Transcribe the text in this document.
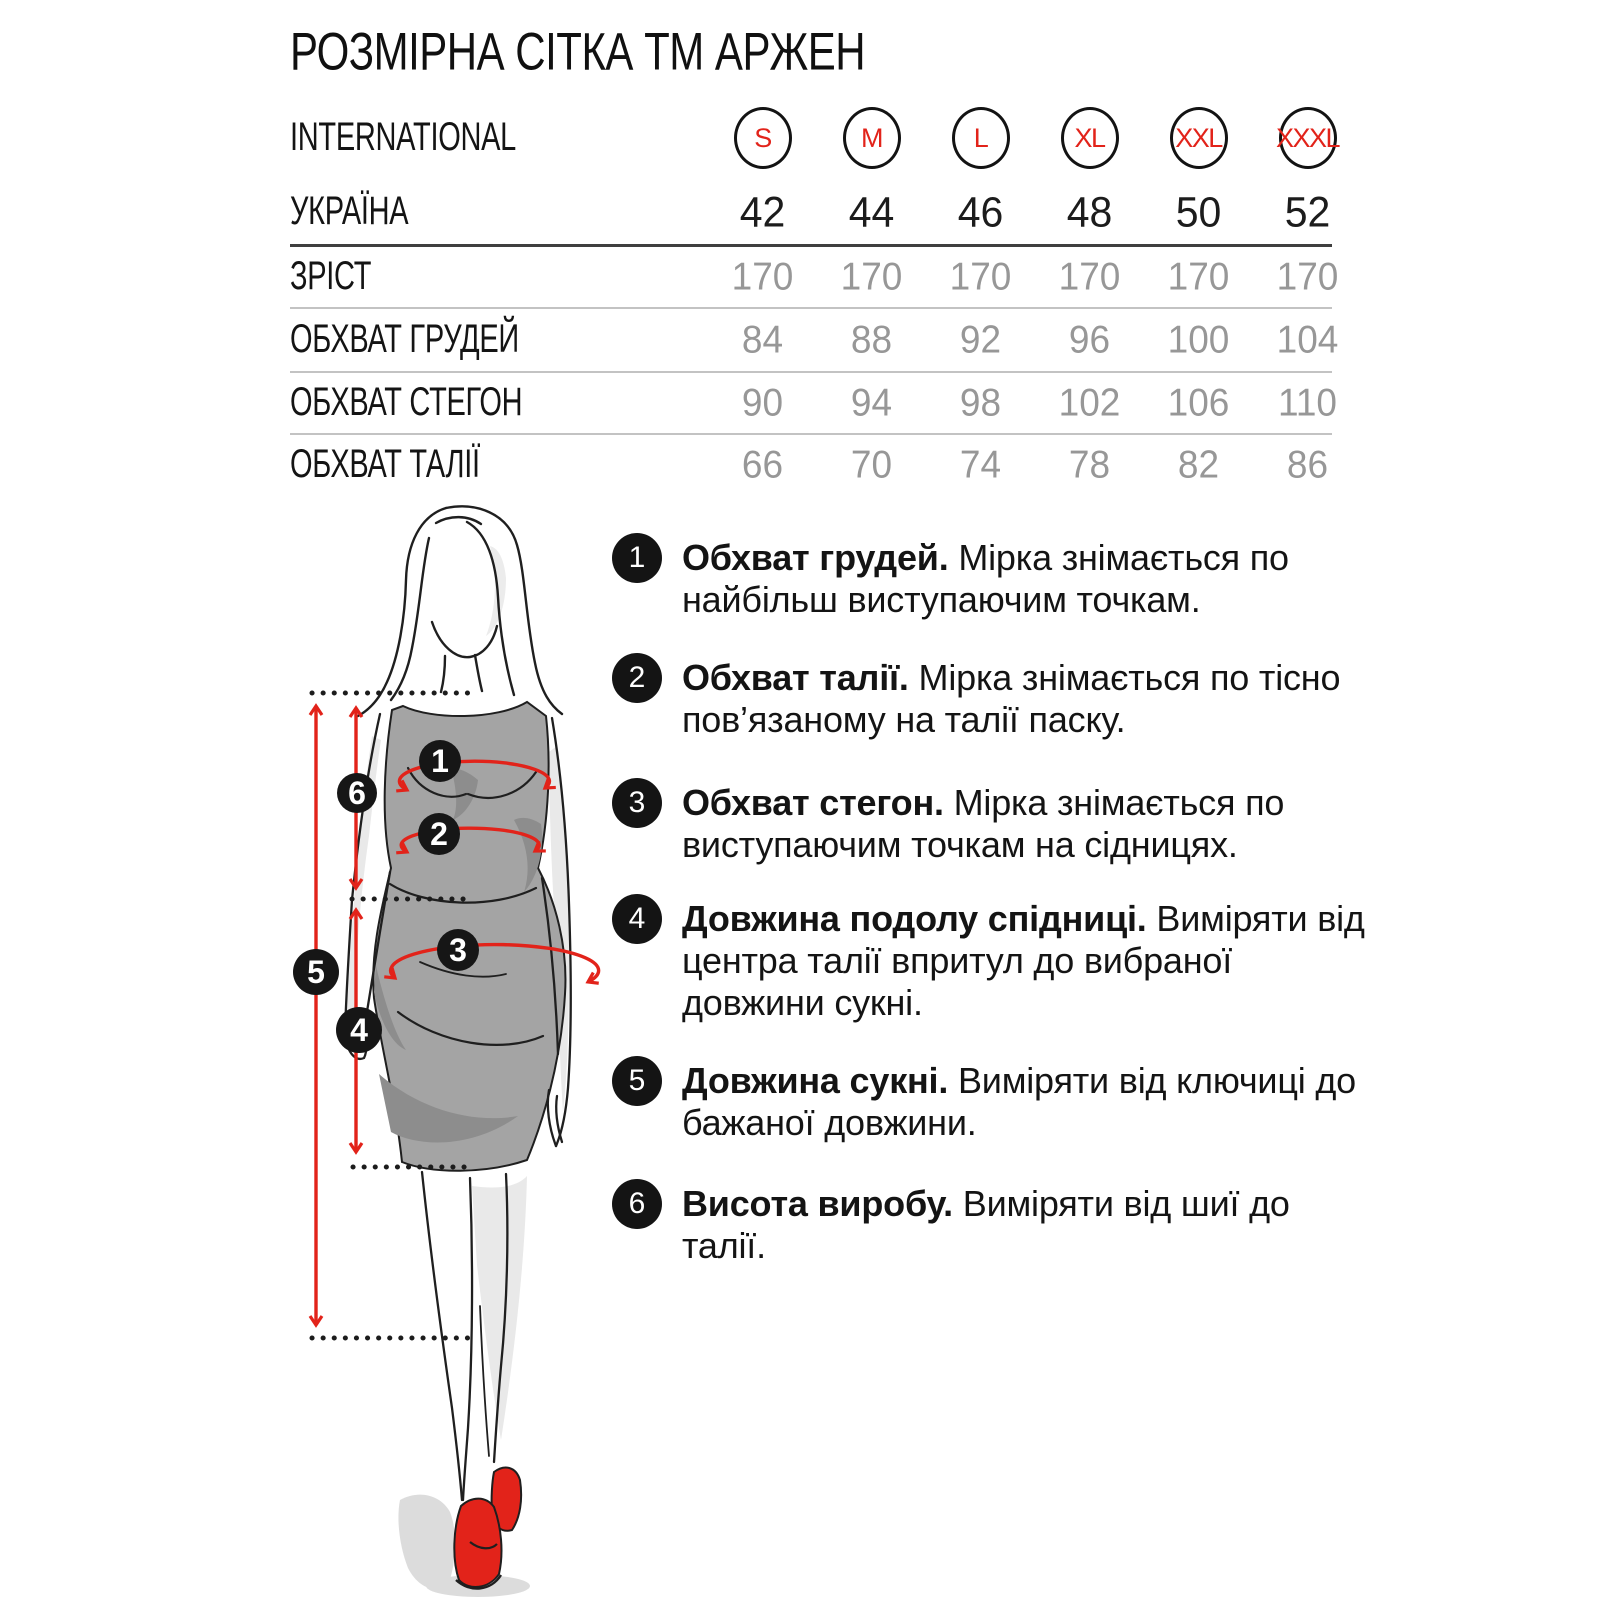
РОЗМІРНА СІТКА ТМ АРЖЕН
INTERNATIONAL	S	M	L	XL	XXL XXXL
УКРАЇНА	42 44 46 48 50 52
ЗРІСТ	170 170 170 170 170 170
ОБХВАТ ГРУДЕЙ	84 88 92 96 100 104
ОБХВАТ СТЕГОН	90 94 98 102 106 110
ОБХВАТ ТАЛІЇ	66 70 74 78 82 86
1
2
3
4
5
6
1	Обхват грудей. Мірка знімається по найбільш виступаючим точкам.
2	Обхват талії. Мірка знімається по тісно пов’язаному на талії паску.
3	Обхват стегон. Мірка знімається по виступаючим точкам на сідницях.
4	Довжина подолу спідниці. Виміряти від центра талії впритул до вибраної довжини сукні.
5	Довжина сукні. Виміряти від ключиці до бажаної довжини.
6	Висота виробу. Виміряти від шиї до талії.
